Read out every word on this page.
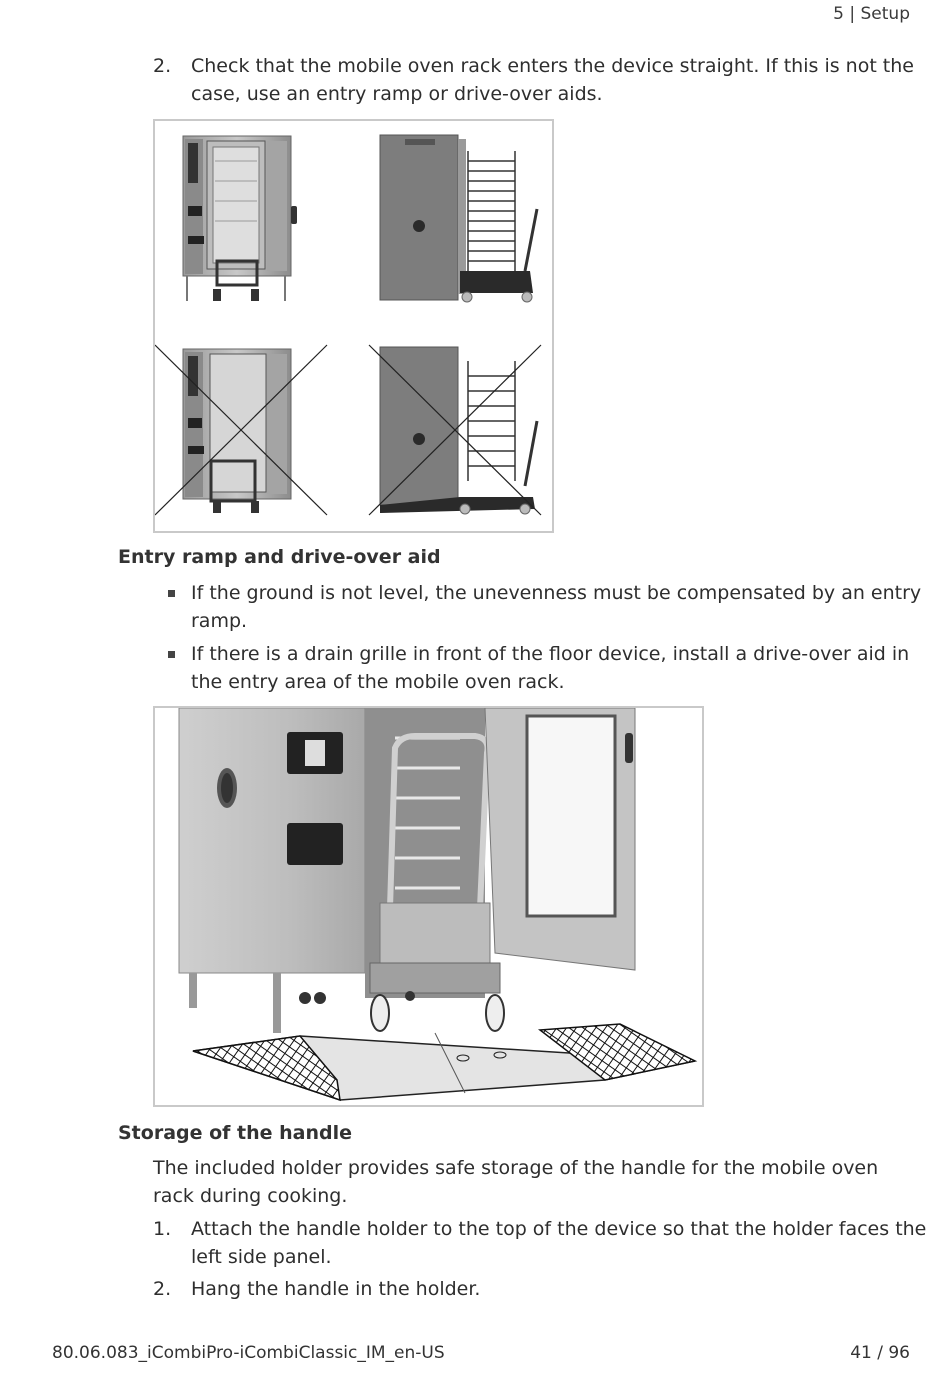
5 | Setup
2.	Check that the mobile oven rack enters the device straight. If this is not the
case, use an entry ramp or drive-over aids.
Entry ramp and drive-over aid
If the ground is not level, the unevenness must be compensated by an entry
ramp.
If there is a drain grille in front of the floor device, install a drive-over aid in
the entry area of the mobile oven rack.
Storage of the handle
The included holder provides safe storage of the handle for the mobile oven
rack during cooking.
1.	Attach the handle holder to the top of the device so that the holder faces the
left side panel.
2.	Hang the handle in the holder.
80.06.083_iCombiPro-iCombiClassic_IM_en-US	41 / 96
